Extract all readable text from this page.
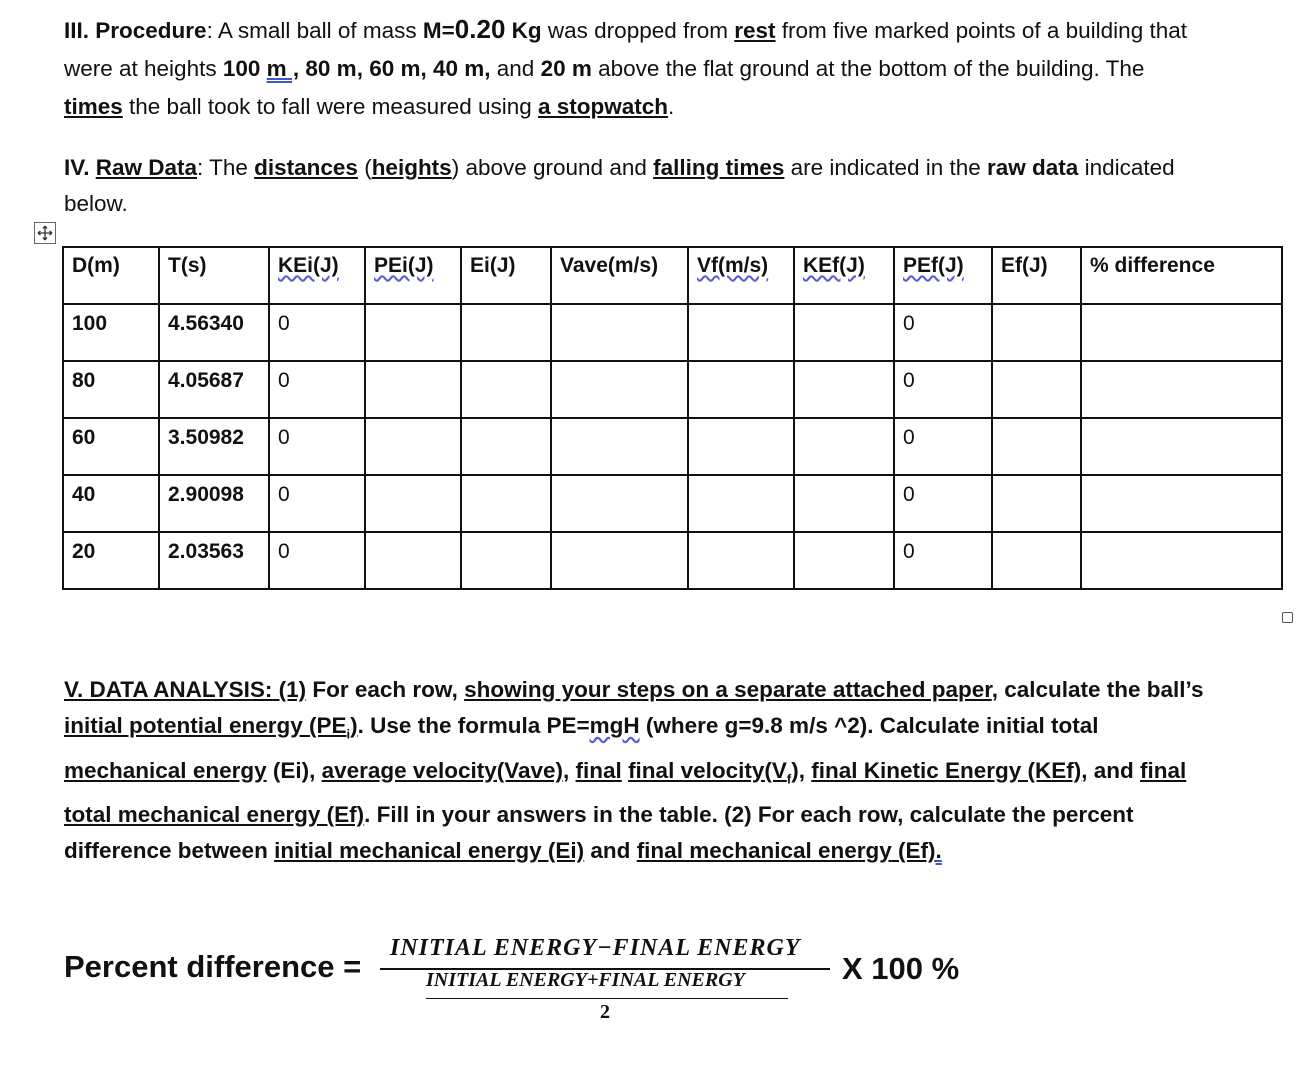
III. Procedure: A small ball of mass M=0.20 Kg was dropped from rest from five marked points of a building that were at heights 100 m , 80 m, 60 m, 40 m, and 20 m above the flat ground at the bottom of the building. The times the ball took to fall were measured using a stopwatch.
IV. Raw Data: The distances (heights) above ground and falling times are indicated in the raw data indicated below.
D(m)	T(s)	KEi(J)	PEi(J)	Ei(J)	Vave(m/s)	Vf(m/s)	KEf(J)	PEf(J)	Ef(J)	% difference
100	4.56340	0						0		
80	4.05687	0						0		
60	3.50982	0						0		
40	2.90098	0						0		
20	2.03563	0						0		
V. DATA ANALYSIS: (1) For each row, showing your steps on a separate attached paper, calculate the ball’s initial potential energy $(PE_i)$. Use the formula PE=mgH (where g=9.8 m/s ^2). Calculate initial total mechanical energy (Ei), average velocity(Vave), final final $velocity(V_f)$, final Kinetic Energy (KEf), and final total mechanical energy (Ef). Fill in your answers in the table. (2) For each row, calculate the percent difference between initial mechanical energy (Ei) and final mechanical energy (Ef).
Percent difference =
INITIAL ENERGY−FINAL ENERGY
INITIAL ENERGY+FINAL ENERGY
2
X 100 %
